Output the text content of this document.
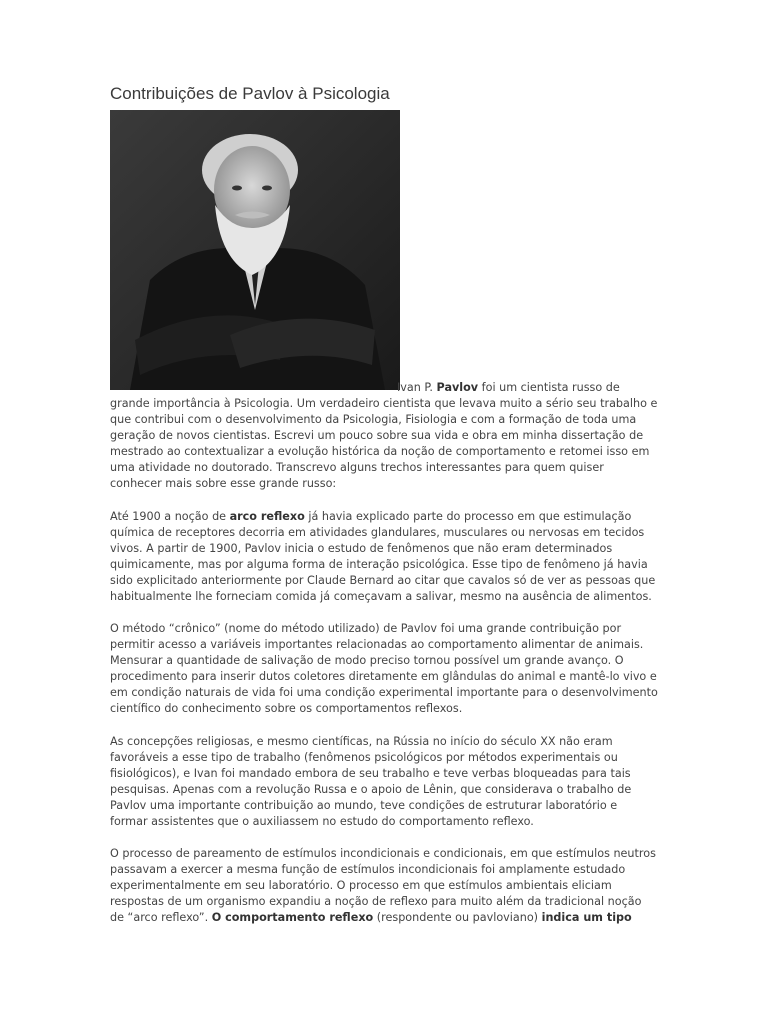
Contribuições de Pavlov à Psicologia

Ivan P. Pavlov foi um cientista russo de

grande importância à Psicologia. Um verdadeiro cientista que levava muito a sério seu trabalho e que contribui com o desenvolvimento da Psicologia, Fisiologia e com a formação de toda uma geração de novos cientistas. Escrevi um pouco sobre sua vida e obra em minha dissertação de mestrado ao contextualizar a evolução histórica da noção de comportamento e retomei isso em uma atividade no doutorado. Transcrevo alguns trechos interessantes para quem quiser conhecer mais sobre esse grande russo:

Até 1900 a noção de arco reflexo já havia explicado parte do processo em que estimulação química de receptores decorria em atividades glandulares, musculares ou nervosas em tecidos vivos. A partir de 1900, Pavlov inicia o estudo de fenômenos que não eram determinados quimicamente, mas por alguma forma de interação psicológica. Esse tipo de fenômeno já havia sido explicitado anteriormente por Claude Bernard ao citar que cavalos só de ver as pessoas que habitualmente lhe forneciam comida já começavam a salivar, mesmo na ausência de alimentos.

O método “crônico” (nome do método utilizado) de Pavlov foi uma grande contribuição por permitir acesso a variáveis importantes relacionadas ao comportamento alimentar de animais. Mensurar a quantidade de salivação de modo preciso tornou possível um grande avanço. O procedimento para inserir dutos coletores diretamente em glândulas do animal e mantê-lo vivo e em condição naturais de vida foi uma condição experimental importante para o desenvolvimento científico do conhecimento sobre os comportamentos reflexos.

As concepções religiosas, e mesmo científicas, na Rússia no início do século XX não eram favoráveis a esse tipo de trabalho (fenômenos psicológicos por métodos experimentais ou fisiológicos), e Ivan foi mandado embora de seu trabalho e teve verbas bloqueadas para tais pesquisas. Apenas com a revolução Russa e o apoio de Lênin, que considerava o trabalho de Pavlov uma importante contribuição ao mundo, teve condições de estruturar laboratório e formar assistentes que o auxiliassem no estudo do comportamento reflexo.

O processo de pareamento de estímulos incondicionais e condicionais, em que estímulos neutros passavam a exercer a mesma função de estímulos incondicionais foi amplamente estudado experimentalmente em seu laboratório. O processo em que estímulos ambientais eliciam respostas de um organismo expandiu a noção de reflexo para muito além da tradicional noção de “arco reflexo”. O comportamento reflexo (respondente ou pavloviano) indica um tipo
